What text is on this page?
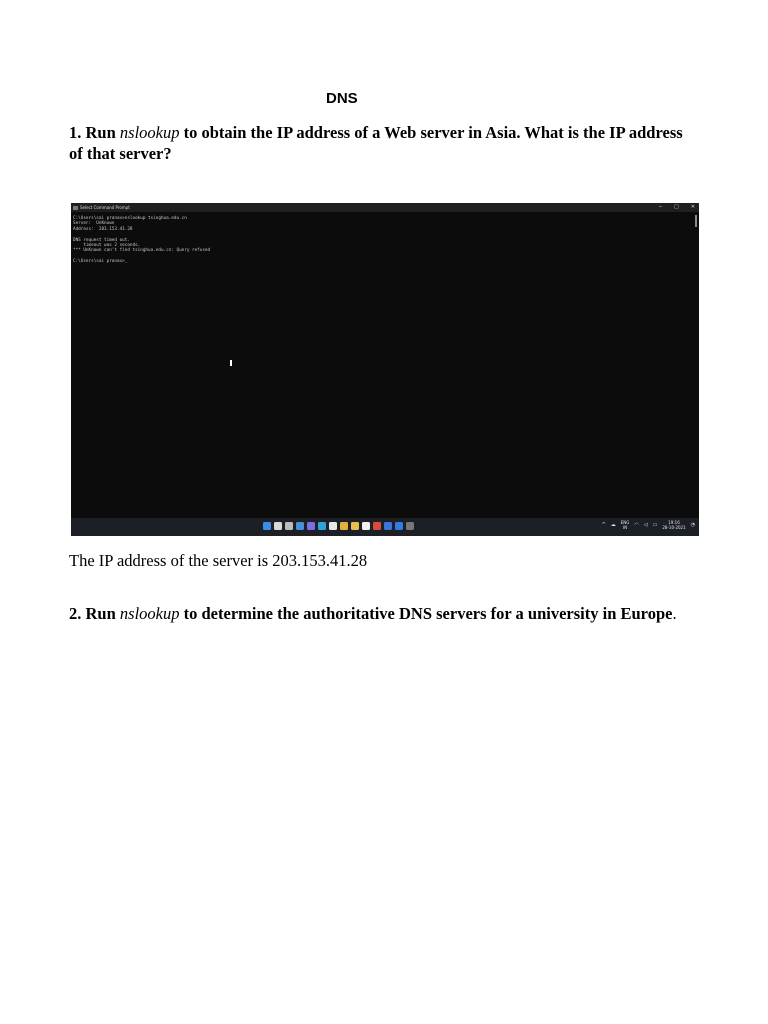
DNS
1. Run nslookup to obtain the IP address of a Web server in Asia. What is the IP address of that server?
Select Command Prompt	─ □ ✕
C:\Users\sai pranav>nslookup tsinghua.edu.cn
Server:  UnKnown
Address:  203.153.41.28

DNS request timed out.
timeout was 2 seconds.
*** UnKnown can't find tsinghua.edu.cn: Query refused

C:\Users\sai pranav>_
^ ☁ ENG
IN ◠ ◁ ▭	19:16
28-10-2021 ◔
The IP address of the server is 203.153.41.28
2. Run nslookup to determine the authoritative DNS servers for a university in Europe.
